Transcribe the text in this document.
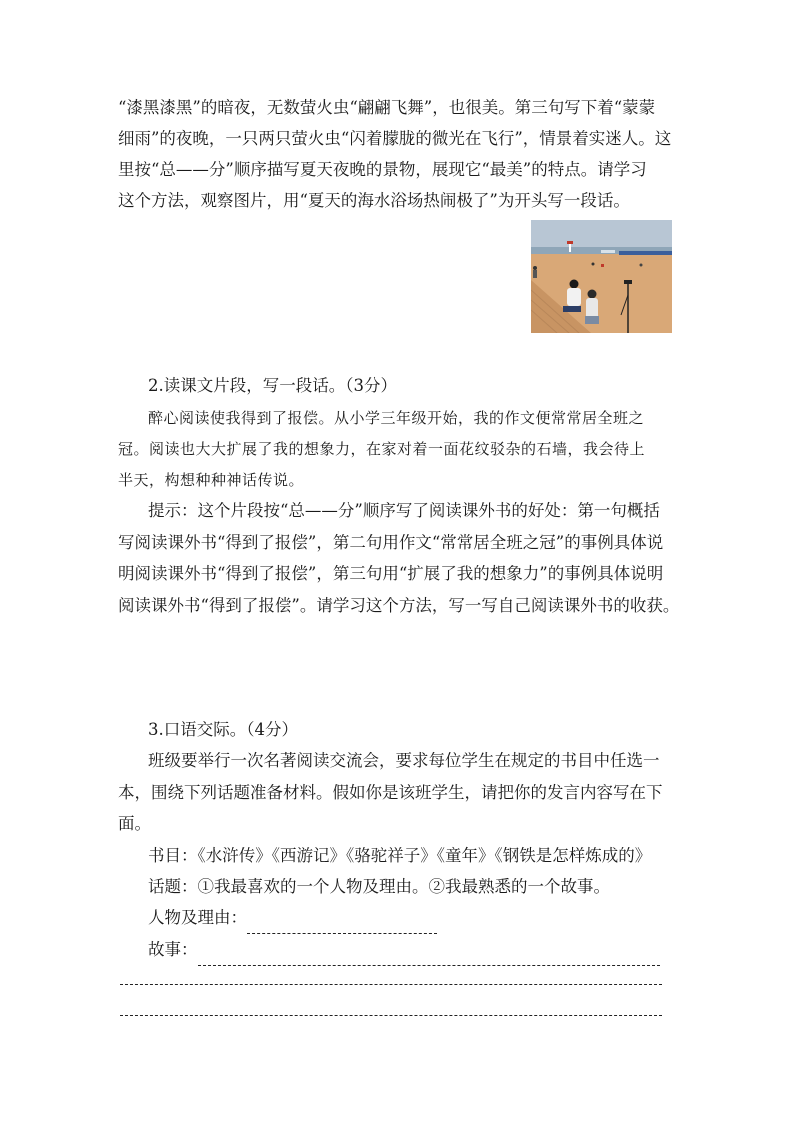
“漆黑漆黑”的暗夜，无数萤火虫“翩翩飞舞”，也很美。第三句写下着“蒙蒙

细雨”的夜晚，一只两只萤火虫“闪着朦胧的微光在飞行”，情景着实迷人。这

里按“总——分”顺序描写夏天夜晚的景物，展现它“最美”的特点。请学习

这个方法，观察图片，用“夏天的海水浴场热闹极了”为开头写一段话。

2.读课文片段，写一段话。（3分）

醉心阅读使我得到了报偿。从小学三年级开始，我的作文便常常居全班之

冠。阅读也大大扩展了我的想象力，在家对着一面花纹驳杂的石墙，我会待上

半天，构想种种神话传说。

提示：这个片段按“总——分”顺序写了阅读课外书的好处：第一句概括

写阅读课外书“得到了报偿”，第二句用作文“常常居全班之冠”的事例具体说

明阅读课外书“得到了报偿”，第三句用“扩展了我的想象力”的事例具体说明

阅读课外书“得到了报偿”。请学习这个方法，写一写自己阅读课外书的收获。

3.口语交际。（4分）

班级要举行一次名著阅读交流会，要求每位学生在规定的书目中任选一

本，围绕下列话题准备材料。假如你是该班学生，请把你的发言内容写在下

面。

书目：《水浒传》《西游记》《骆驼祥子》《童年》《钢铁是怎样炼成的》

话题：①我最喜欢的一个人物及理由。②我最熟悉的一个故事。

人物及理由：

故事：
